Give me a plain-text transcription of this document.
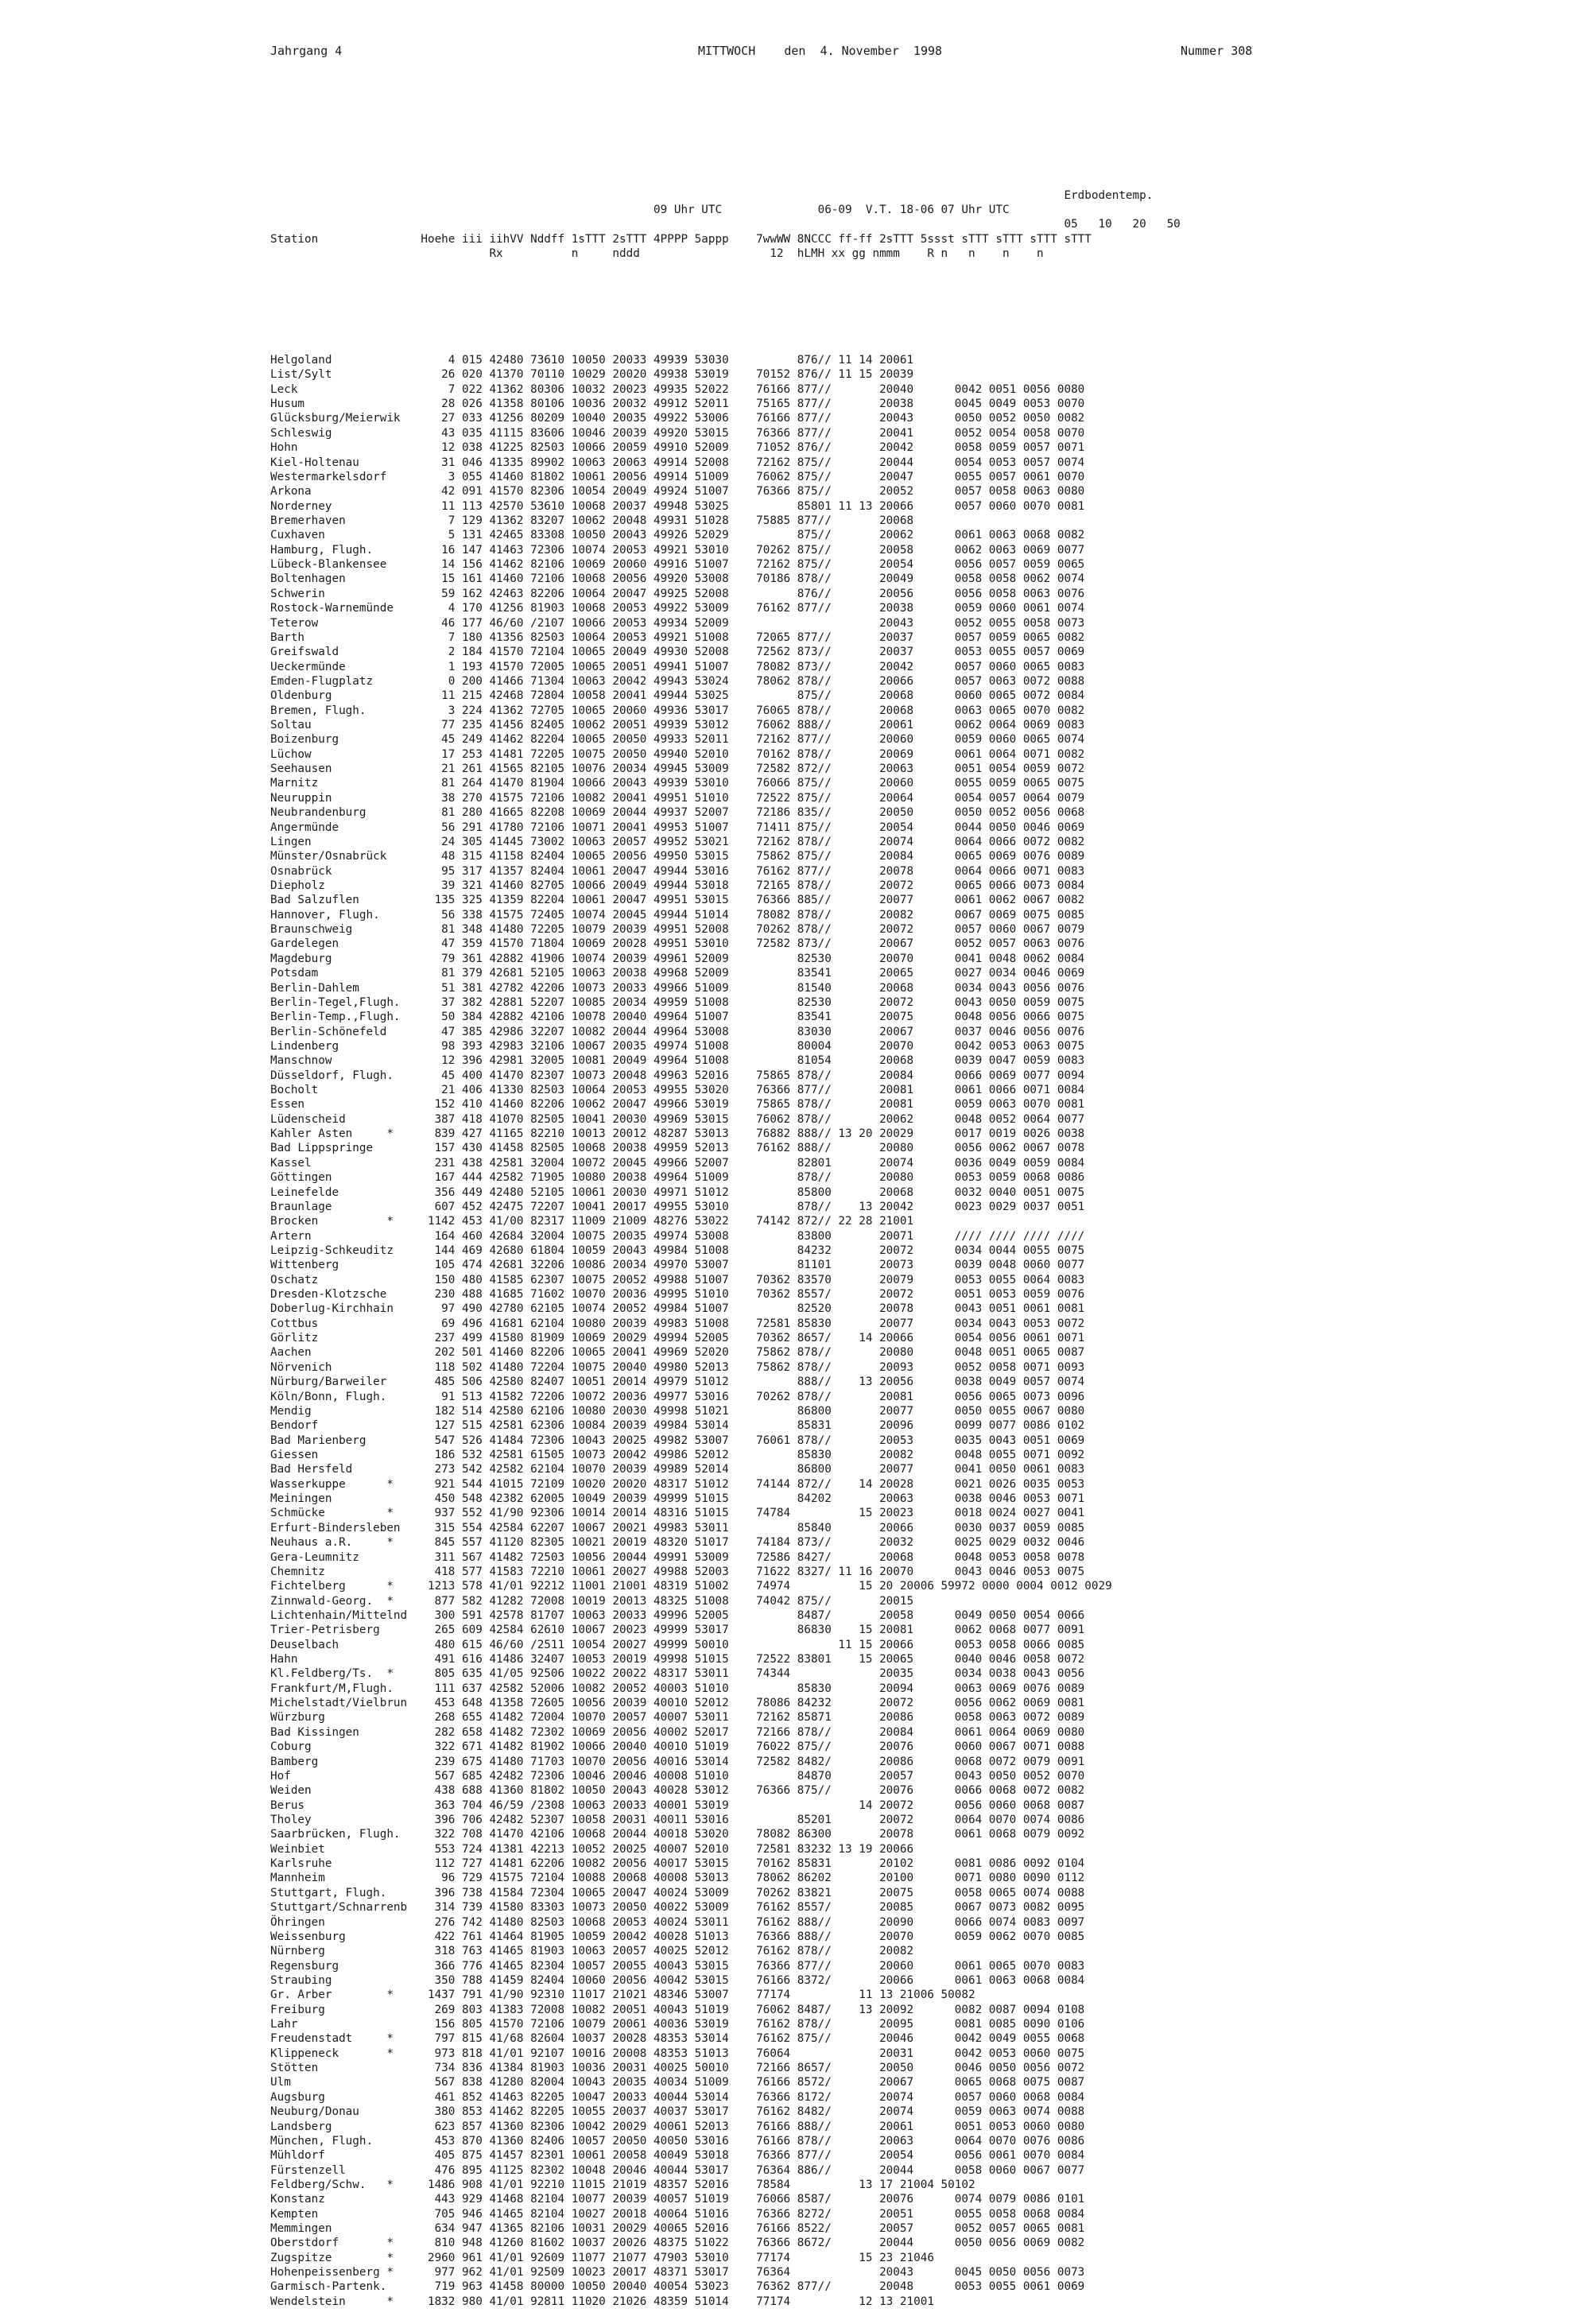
Jahrgang 4	MITTWOCH    den  4. November  1998	Nummer 308

Erdbodentemp.
09 Uhr UTC              06-09  V.T. 18-06 07 Uhr UTC
05   10   20   50
Station               Hoehe iii iihVV Nddff 1sTTT 2sTTT 4PPPP 5appp    7wwWW 8NCCC ff-ff 2sTTT 5ssst sTTT sTTT sTTT sTTT
Rx          n     nddd                   12  hLMH xx gg nmmm    R n   n    n    n

Helgoland                 4 015 42480 73610 10050 20033 49939 53030          876// 11 14 20061
List/Sylt                26 020 41370 70110 10029 20020 49938 53019    70152 876// 11 15 20039
Leck                      7 022 41362 80306 10032 20023 49935 52022    76166 877//       20040      0042 0051 0056 0080
Husum                    28 026 41358 80106 10036 20032 49912 52011    75165 877//       20038      0045 0049 0053 0070
Glücksburg/Meierwik      27 033 41256 80209 10040 20035 49922 53006    76166 877//       20043      0050 0052 0050 0082
Schleswig                43 035 41115 83606 10046 20039 49920 53015    76366 877//       20041      0052 0054 0058 0070
Hohn                     12 038 41225 82503 10066 20059 49910 52009    71052 876//       20042      0058 0059 0057 0071
Kiel-Holtenau            31 046 41335 89902 10063 20063 49914 52008    72162 875//       20044      0054 0053 0057 0074
Westermarkelsdorf         3 055 41460 81802 10061 20056 49914 51009    76062 875//       20047      0055 0057 0061 0070
Arkona                   42 091 41570 82306 10054 20049 49924 51007    76366 875//       20052      0057 0058 0063 0080
Norderney                11 113 42570 53610 10068 20037 49948 53025          85801 11 13 20066      0057 0060 0070 0081
Bremerhaven               7 129 41362 83207 10062 20048 49931 51028    75885 877//       20068
Cuxhaven                  5 131 42465 83308 10050 20043 49926 52029          875//       20062      0061 0063 0068 0082
Hamburg, Flugh.          16 147 41463 72306 10074 20053 49921 53010    70262 875//       20058      0062 0063 0069 0077
Lübeck-Blankensee        14 156 41462 82106 10069 20060 49916 51007    72162 875//       20054      0056 0057 0059 0065
Boltenhagen              15 161 41460 72106 10068 20056 49920 53008    70186 878//       20049      0058 0058 0062 0074
Schwerin                 59 162 42463 82206 10064 20047 49925 52008          876//       20056      0056 0058 0063 0076
Rostock-Warnemünde        4 170 41256 81903 10068 20053 49922 53009    76162 877//       20038      0059 0060 0061 0074
Teterow                  46 177 46/60 /2107 10066 20053 49934 52009                      20043      0052 0055 0058 0073
Barth                     7 180 41356 82503 10064 20053 49921 51008    72065 877//       20037      0057 0059 0065 0082
Greifswald                2 184 41570 72104 10065 20049 49930 52008    72562 873//       20037      0053 0055 0057 0069
Ueckermünde               1 193 41570 72005 10065 20051 49941 51007    78082 873//       20042      0057 0060 0065 0083
Emden-Flugplatz           0 200 41466 71304 10063 20042 49943 53024    78062 878//       20066      0057 0063 0072 0088
Oldenburg                11 215 42468 72804 10058 20041 49944 53025          875//       20068      0060 0065 0072 0084
Bremen, Flugh.            3 224 41362 72705 10065 20060 49936 53017    76065 878//       20068      0063 0065 0070 0082
Soltau                   77 235 41456 82405 10062 20051 49939 53012    76062 888//       20061      0062 0064 0069 0083
Boizenburg               45 249 41462 82204 10065 20050 49933 52011    72162 877//       20060      0059 0060 0065 0074
Lüchow                   17 253 41481 72205 10075 20050 49940 52010    70162 878//       20069      0061 0064 0071 0082
Seehausen                21 261 41565 82105 10076 20034 49945 53009    72582 872//       20063      0051 0054 0059 0072
Marnitz                  81 264 41470 81904 10066 20043 49939 53010    76066 875//       20060      0055 0059 0065 0075
Neuruppin                38 270 41575 72106 10082 20041 49951 51010    72522 875//       20064      0054 0057 0064 0079
Neubrandenburg           81 280 41665 82208 10069 20044 49937 52007    72186 835//       20050      0050 0052 0056 0068
Angermünde               56 291 41780 72106 10071 20041 49953 51007    71411 875//       20054      0044 0050 0046 0069
Lingen                   24 305 41445 73002 10063 20057 49952 53021    72162 878//       20074      0064 0066 0072 0082
Münster/Osnabrück        48 315 41158 82404 10065 20056 49950 53015    75862 875//       20084      0065 0069 0076 0089
Osnabrück                95 317 41357 82404 10061 20047 49944 53016    76162 877//       20078      0064 0066 0071 0083
Diepholz                 39 321 41460 82705 10066 20049 49944 53018    72165 878//       20072      0065 0066 0073 0084
Bad Salzuflen           135 325 41359 82204 10061 20047 49951 53015    76366 885//       20077      0061 0062 0067 0082
Hannover, Flugh.         56 338 41575 72405 10074 20045 49944 51014    78082 878//       20082      0067 0069 0075 0085
Braunschweig             81 348 41480 72205 10079 20039 49951 52008    70262 878//       20072      0057 0060 0067 0079
Gardelegen               47 359 41570 71804 10069 20028 49951 53010    72582 873//       20067      0052 0057 0063 0076
Magdeburg                79 361 42882 41906 10074 20039 49961 52009          82530       20070      0041 0048 0062 0084
Potsdam                  81 379 42681 52105 10063 20038 49968 52009          83541       20065      0027 0034 0046 0069
Berlin-Dahlem            51 381 42782 42206 10073 20033 49966 51009          81540       20068      0034 0043 0056 0076
Berlin-Tegel,Flugh.      37 382 42881 52207 10085 20034 49959 51008          82530       20072      0043 0050 0059 0075
Berlin-Temp.,Flugh.      50 384 42882 42106 10078 20040 49964 51007          83541       20075      0048 0056 0066 0075
Berlin-Schönefeld        47 385 42986 32207 10082 20044 49964 53008          83030       20067      0037 0046 0056 0076
Lindenberg               98 393 42983 32106 10067 20035 49974 51008          80004       20070      0042 0053 0063 0075
Manschnow                12 396 42981 32005 10081 20049 49964 51008          81054       20068      0039 0047 0059 0083
Düsseldorf, Flugh.       45 400 41470 82307 10073 20048 49963 52016    75865 878//       20084      0066 0069 0077 0094
Bocholt                  21 406 41330 82503 10064 20053 49955 53020    76366 877//       20081      0061 0066 0071 0084
Essen                   152 410 41460 82206 10062 20047 49966 53019    75865 878//       20081      0059 0063 0070 0081
Lüdenscheid             387 418 41070 82505 10041 20030 49969 53015    76062 878//       20062      0048 0052 0064 0077
Kahler Asten     *      839 427 41165 82210 10013 20012 48287 53013    76882 888// 13 20 20029      0017 0019 0026 0038
Bad Lippspringe         157 430 41458 82505 10068 20038 49959 52013    76162 888//       20080      0056 0062 0067 0078
Kassel                  231 438 42581 32004 10072 20045 49966 52007          82801       20074      0036 0049 0059 0084
Göttingen               167 444 42582 71905 10080 20038 49964 51009          878//       20080      0053 0059 0068 0086
Leinefelde              356 449 42480 52105 10061 20030 49971 51012          85800       20068      0032 0040 0051 0075
Braunlage               607 452 42475 72207 10041 20017 49955 53010          878//    13 20042      0023 0029 0037 0051
Brocken          *     1142 453 41/00 82317 11009 21009 48276 53022    74142 872// 22 28 21001
Artern                  164 460 42684 32004 10075 20035 49974 53008          83800       20071      //// //// //// ////
Leipzig-Schkeuditz      144 469 42680 61804 10059 20043 49984 51008          84232       20072      0034 0044 0055 0075
Wittenberg              105 474 42681 32206 10086 20034 49970 53007          81101       20073      0039 0048 0060 0077
Oschatz                 150 480 41585 62307 10075 20052 49988 51007    70362 83570       20079      0053 0055 0064 0083
Dresden-Klotzsche       230 488 41685 71602 10070 20036 49995 51010    70362 8557/       20072      0051 0053 0059 0076
Doberlug-Kirchhain       97 490 42780 62105 10074 20052 49984 51007          82520       20078      0043 0051 0061 0081
Cottbus                  69 496 41681 62104 10080 20039 49983 51008    72581 85830       20077      0034 0043 0053 0072
Görlitz                 237 499 41580 81909 10069 20029 49994 52005    70362 8657/    14 20066      0054 0056 0061 0071
Aachen                  202 501 41460 82206 10065 20041 49969 52020    75862 878//       20080      0048 0051 0065 0087
Nörvenich               118 502 41480 72204 10075 20040 49980 52013    75862 878//       20093      0052 0058 0071 0093
Nürburg/Barweiler       485 506 42580 82407 10051 20014 49979 51012          888//    13 20056      0038 0049 0057 0074
Köln/Bonn, Flugh.        91 513 41582 72206 10072 20036 49977 53016    70262 878//       20081      0056 0065 0073 0096
Mendig                  182 514 42580 62106 10080 20030 49998 51021          86800       20077      0050 0055 0067 0080
Bendorf                 127 515 42581 62306 10084 20039 49984 53014          85831       20096      0099 0077 0086 0102
Bad Marienberg          547 526 41484 72306 10043 20025 49982 53007    76061 878//       20053      0035 0043 0051 0069
Giessen                 186 532 42581 61505 10073 20042 49986 52012          85830       20082      0048 0055 0071 0092
Bad Hersfeld            273 542 42582 62104 10070 20039 49989 52014          86800       20077      0041 0050 0061 0083
Wasserkuppe      *      921 544 41015 72109 10020 20020 48317 51012    74144 872//    14 20028      0021 0026 0035 0053
Meiningen               450 548 42382 62005 10049 20039 49999 51015          84202       20063      0038 0046 0053 0071
Schmücke         *      937 552 41/90 92306 10014 20014 48316 51015    74784          15 20023      0018 0024 0027 0041
Erfurt-Bindersleben     315 554 42584 62207 10067 20021 49983 53011          85840       20066      0030 0037 0059 0085
Neuhaus a.R.     *      845 557 41120 82305 10021 20019 48320 51017    74184 873//       20032      0025 0029 0032 0046
Gera-Leumnitz           311 567 41482 72503 10056 20044 49991 53009    72586 8427/       20068      0048 0053 0058 0078
Chemnitz                418 577 41583 72210 10061 20027 49988 52003    71622 8327/ 11 16 20070      0043 0046 0053 0075
Fichtelberg      *     1213 578 41/01 92212 11001 21001 48319 51002    74974          15 20 20006 59972 0000 0004 0012 0029
Zinnwald-Georg.  *      877 582 41282 72008 10019 20013 48325 51008    74042 875//       20015
Lichtenhain/Mittelnd    300 591 42578 81707 10063 20033 49996 52005          8487/       20058      0049 0050 0054 0066
Trier-Petrisberg        265 609 42584 62610 10067 20023 49999 53017          86830    15 20081      0062 0068 0077 0091
Deuselbach              480 615 46/60 /2511 10054 20027 49999 50010                11 15 20066      0053 0058 0066 0085
Hahn                    491 616 41486 32407 10053 20019 49998 51015    72522 83801    15 20065      0040 0046 0058 0072
Kl.Feldberg/Ts.  *      805 635 41/05 92506 10022 20022 48317 53011    74344             20035      0034 0038 0043 0056
Frankfurt/M,Flugh.      111 637 42582 52006 10082 20052 40003 51010          85830       20094      0063 0069 0076 0089
Michelstadt/Vielbrun    453 648 41358 72605 10056 20039 40010 52012    78086 84232       20072      0056 0062 0069 0081
Würzburg                268 655 41482 72004 10070 20057 40007 53011    72162 85871       20086      0058 0063 0072 0089
Bad Kissingen           282 658 41482 72302 10069 20056 40002 52017    72166 878//       20084      0061 0064 0069 0080
Coburg                  322 671 41482 81902 10066 20040 40010 51019    76022 875//       20076      0060 0067 0071 0088
Bamberg                 239 675 41480 71703 10070 20056 40016 53014    72582 8482/       20086      0068 0072 0079 0091
Hof                     567 685 42482 72306 10046 20046 40008 51010          84870       20057      0043 0050 0052 0070
Weiden                  438 688 41360 81802 10050 20043 40028 53012    76366 875//       20076      0066 0068 0072 0082
Berus                   363 704 46/59 /2308 10063 20033 40001 53019                   14 20072      0056 0060 0068 0087
Tholey                  396 706 42482 52307 10058 20031 40011 53016          85201       20072      0064 0070 0074 0086
Saarbrücken, Flugh.     322 708 41470 42106 10068 20044 40018 53020    78082 86300       20078      0061 0068 0079 0092
Weinbiet                553 724 41381 42213 10052 20025 40007 52010    72581 83232 13 19 20066
Karlsruhe               112 727 41481 62206 10082 20056 40017 53015    70162 85831       20102      0081 0086 0092 0104
Mannheim                 96 729 41575 72104 10088 20068 40008 53013    78062 86202       20100      0071 0080 0090 0112
Stuttgart, Flugh.       396 738 41584 72304 10065 20047 40024 53009    70262 83821       20075      0058 0065 0074 0088
Stuttgart/Schnarrenb    314 739 41580 83303 10073 20050 40022 53009    76162 8557/       20085      0067 0073 0082 0095
Öhringen                276 742 41480 82503 10068 20053 40024 53011    76162 888//       20090      0066 0074 0083 0097
Weissenburg             422 761 41464 81905 10059 20042 40028 51013    76366 888//       20070      0059 0062 0070 0085
Nürnberg                318 763 41465 81903 10063 20057 40025 52012    76162 878//       20082
Regensburg              366 776 41465 82304 10057 20055 40043 53015    76366 877//       20060      0061 0065 0070 0083
Straubing               350 788 41459 82404 10060 20056 40042 53015    76166 8372/       20066      0061 0063 0068 0084
Gr. Arber        *     1437 791 41/90 92310 11017 21021 48346 53007    77174          11 13 21006 50082
Freiburg                269 803 41383 72008 10082 20051 40043 51019    76062 8487/    13 20092      0082 0087 0094 0108
Lahr                    156 805 41570 72106 10079 20061 40036 53019    76162 878//       20095      0081 0085 0090 0106
Freudenstadt     *      797 815 41/68 82604 10037 20028 48353 53014    76162 875//       20046      0042 0049 0055 0068
Klippeneck       *      973 818 41/01 92107 10016 20008 48353 51013    76064             20031      0042 0053 0060 0075
Stötten                 734 836 41384 81903 10036 20031 40025 50010    72166 8657/       20050      0046 0050 0056 0072
Ulm                     567 838 41280 82004 10043 20035 40034 51009    76166 8572/       20067      0065 0068 0075 0087
Augsburg                461 852 41463 82205 10047 20033 40044 53014    76366 8172/       20074      0057 0060 0068 0084
Neuburg/Donau           380 853 41462 82205 10055 20037 40037 53017    76162 8482/       20074      0059 0063 0074 0088
Landsberg               623 857 41360 82306 10042 20029 40061 52013    76166 888//       20061      0051 0053 0060 0080
München, Flugh.         453 870 41360 82406 10057 20050 40050 53016    76166 878//       20063      0064 0070 0076 0086
Mühldorf                405 875 41457 82301 10061 20058 40049 53018    76366 877//       20054      0056 0061 0070 0084
Fürstenzell             476 895 41125 82302 10048 20046 40044 53017    76364 886//       20044      0058 0060 0067 0077
Feldberg/Schw.   *     1486 908 41/01 92210 11015 21019 48357 52016    78584          13 17 21004 50102
Konstanz                443 929 41468 82104 10077 20039 40057 51019    76066 8587/       20076      0074 0079 0086 0101
Kempten                 705 946 41465 82104 10027 20018 40064 51016    76366 8272/       20051      0055 0058 0068 0084
Memmingen               634 947 41365 82106 10031 20029 40065 52016    76166 8522/       20057      0052 0057 0065 0081
Oberstdorf       *      810 948 41260 81602 10037 20026 48375 51022    76366 8672/       20044      0050 0056 0069 0082
Zugspitze        *     2960 961 41/01 92609 11077 21077 47903 53010    77174          15 23 21046
Hohenpeissenberg *      977 962 41/01 92509 10023 20017 48371 53017    76364             20043      0045 0050 0056 0073
Garmisch-Partenk.       719 963 41458 80000 10050 20040 40054 53023    76362 877//       20048      0053 0055 0061 0069
Wendelstein      *     1832 980 41/01 92811 11020 21026 48359 51014    77174          12 13 21001
